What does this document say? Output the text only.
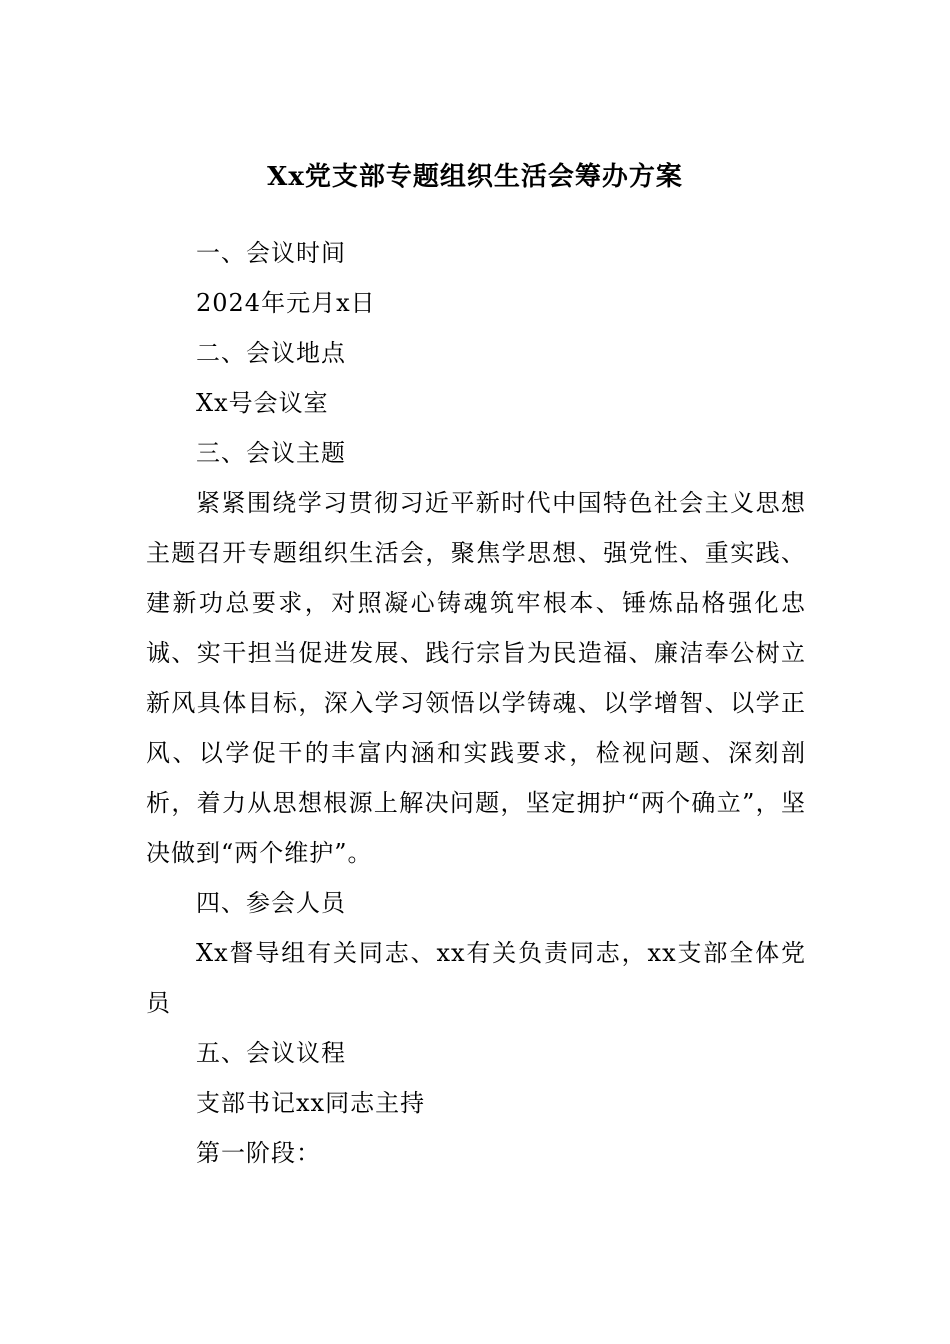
Xx党支部专题组织生活会筹办方案

一、会议时间

2024年元月x日

二、会议地点

Xx号会议室

三、会议主题

紧紧围绕学习贯彻习近平新时代中国特色社会主义思想主题召开专题组织生活会，聚焦学思想、强党性、重实践、建新功总要求，对照凝心铸魂筑牢根本、锤炼品格强化忠诚、实干担当促进发展、践行宗旨为民造福、廉洁奉公树立新风具体目标，深入学习领悟以学铸魂、以学增智、以学正风、以学促干的丰富内涵和实践要求，检视问题、深刻剖析，着力从思想根源上解决问题，坚定拥护“两个确立”，坚决做到“两个维护”。

四、参会人员

Xx督导组有关同志、xx有关负责同志，xx支部全体党员

五、会议议程

支部书记xx同志主持

第一阶段：
